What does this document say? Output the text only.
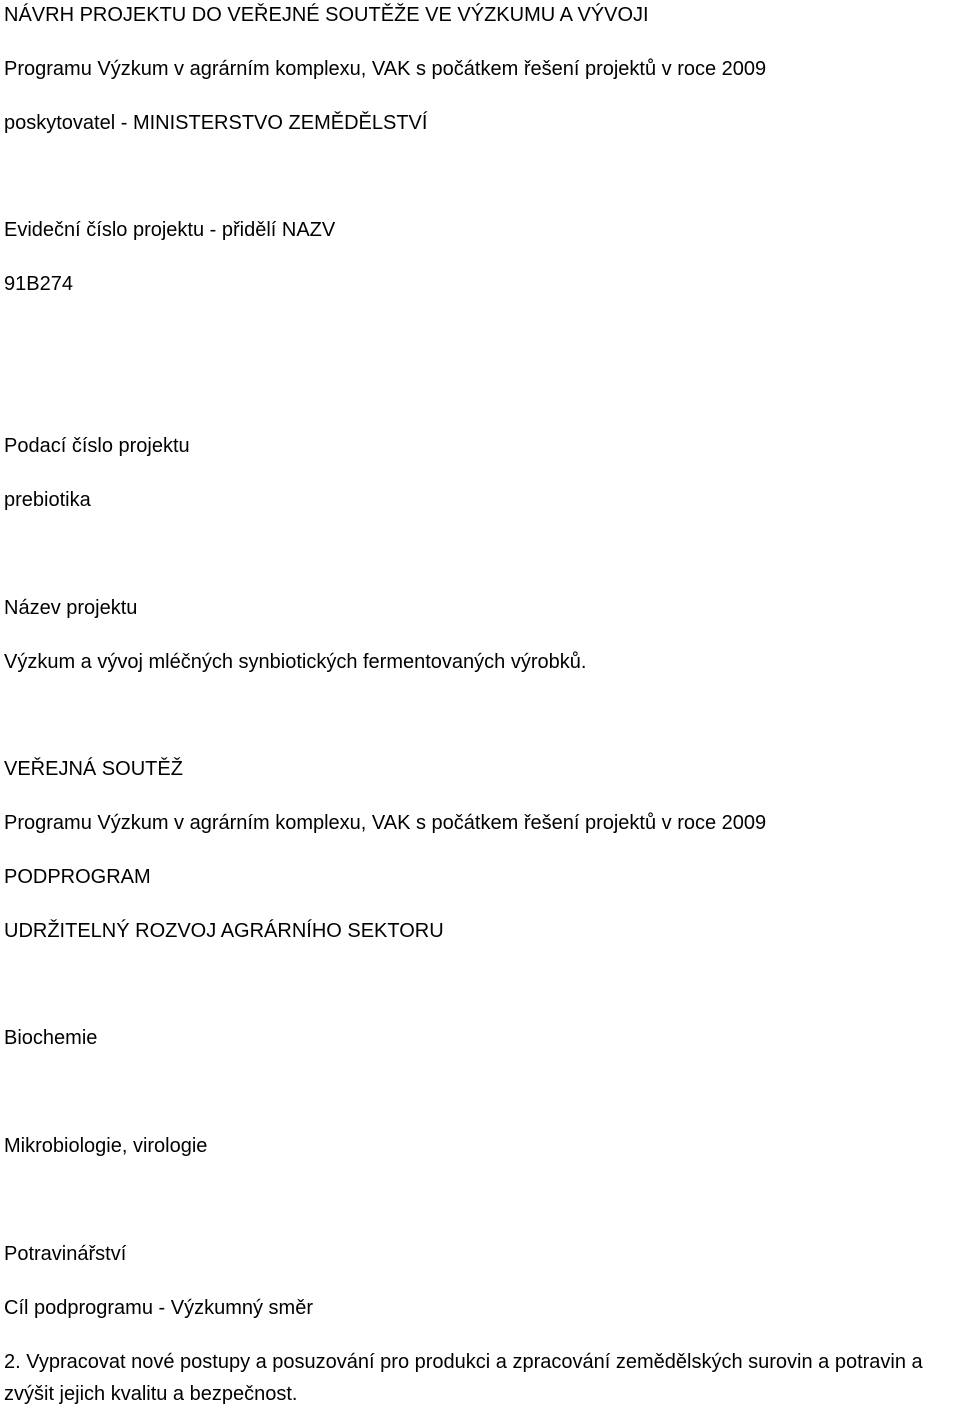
NÁVRH PROJEKTU DO VEŘEJNÉ SOUTĚŽE VE VÝZKUMU A VÝVOJI

Programu Výzkum v agrárním komplexu, VAK s počátkem řešení projektů v roce 2009

poskytovatel - MINISTERSTVO ZEMĚDĚLSTVÍ

Evideční číslo projektu - přidělí NAZV

91B274

Podací číslo projektu

prebiotika

Název projektu

Výzkum a vývoj mléčných synbiotických fermentovaných výrobků.

VEŘEJNÁ SOUTĚŽ

Programu Výzkum v agrárním komplexu, VAK s počátkem řešení projektů v roce 2009

PODPROGRAM

UDRŽITELNÝ ROZVOJ AGRÁRNÍHO SEKTORU

Biochemie

Mikrobiologie, virologie

Potravinářství

Cíl podprogramu - Výzkumný směr

2. Vypracovat nové postupy a posuzování pro produkci a zpracování zemědělských surovin a potravin a zvýšit jejich kvalitu a bezpečnost.
